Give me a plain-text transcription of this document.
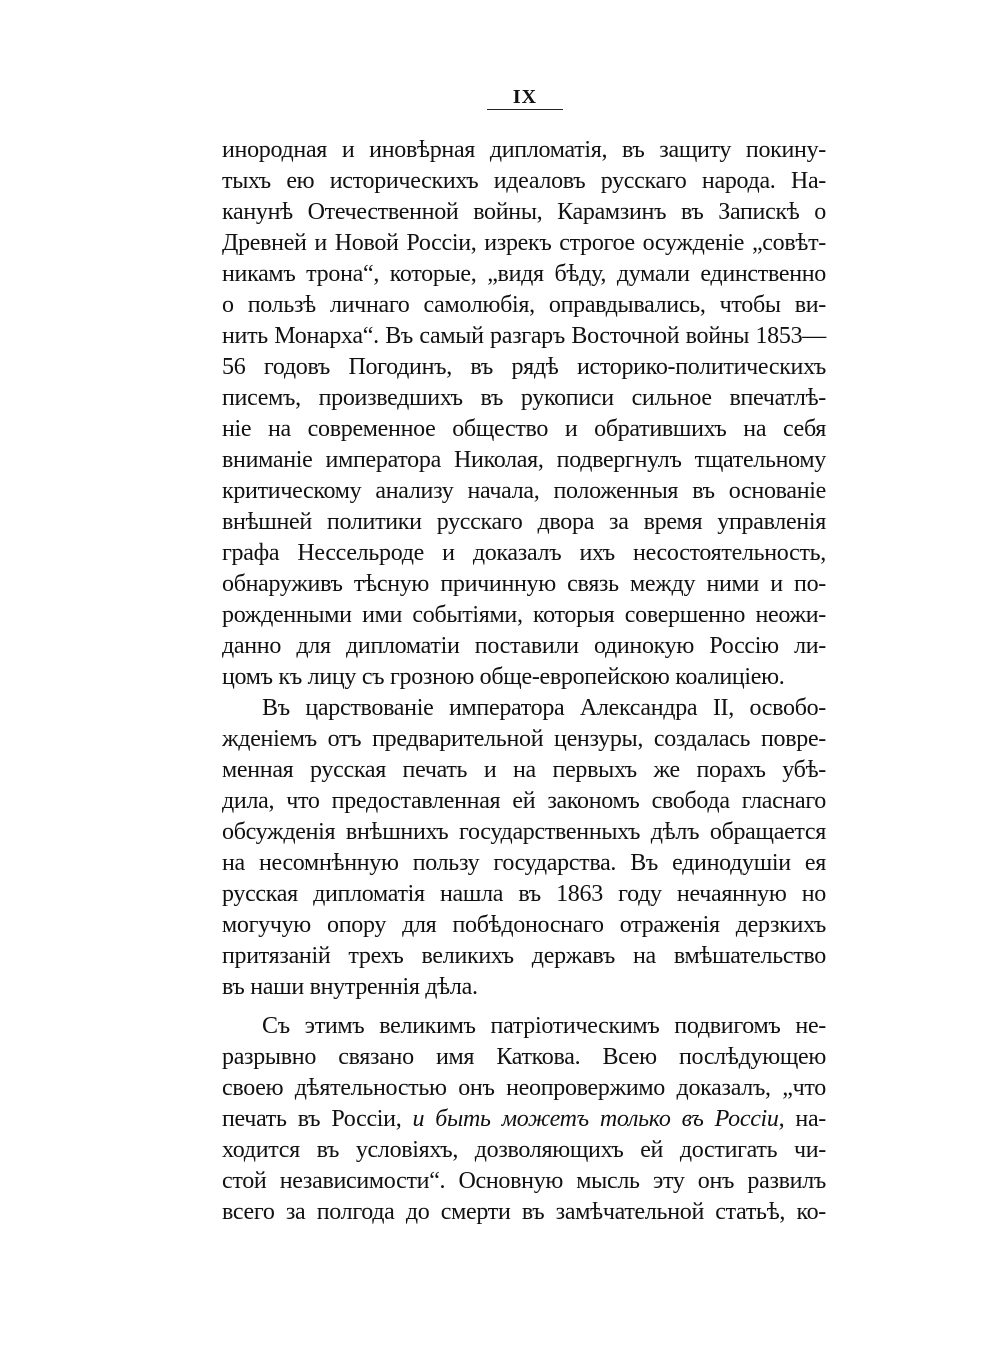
IX
инородная и иновѣрная дипломатія, въ защиту покину-
тыхъ ею историческихъ идеаловъ русскаго народа. На-
канунѣ Отечественной войны, Карамзинъ въ Запискѣ о
Древней и Новой Россіи, изрекъ строгое осужденіе „совѣт-
никамъ трона“, которые, „видя бѣду, думали единственно
о пользѣ личнаго самолюбія, оправдывались, чтобы ви-
нить Монарха“. Въ самый разгаръ Восточной войны 1853—
56 годовъ Погодинъ, въ рядѣ историко-политическихъ
писемъ, произведшихъ въ рукописи сильное впечатлѣ-
ніе на современное общество и обратившихъ на себя
вниманіе императора Николая, подвергнулъ тщательному
критическому анализу начала, положенныя въ основаніе
внѣшней политики русскаго двора за время управленія
графа Нессельроде и доказалъ ихъ несостоятельность,
обнаруживъ тѣсную причинную связь между ними и по-
рожденными ими событіями, которыя совершенно неожи-
данно для дипломатіи поставили одинокую Россію ли-
цомъ къ лицу съ грозною обще-европейскою коалиціею.
Въ царствованіе императора Александра II, освобо-
жденіемъ отъ предварительной цензуры, создалась повре-
менная русская печать и на первыхъ же порахъ убѣ-
дила, что предоставленная ей закономъ свобода гласнаго
обсужденія внѣшнихъ государственныхъ дѣлъ обращается
на несомнѣнную пользу государства. Въ единодушіи ея
русская дипломатія нашла въ 1863 году нечаянную но
могучую опору для побѣдоноснаго отраженія дерзкихъ
притязаній трехъ великихъ державъ на вмѣшательство
въ наши внутреннія дѣла.
Съ этимъ великимъ патріотическимъ подвигомъ не-
разрывно связано имя Каткова. Всею послѣдующею
своею дѣятельностью онъ неопровержимо доказалъ, „что
печать въ Россіи, и быть можетъ только въ Россіи, на-
ходится въ условіяхъ, дозволяющихъ ей достигать чи-
стой независимости“. Основную мысль эту онъ развилъ
всего за полгода до смерти въ замѣчательной статьѣ, ко-
